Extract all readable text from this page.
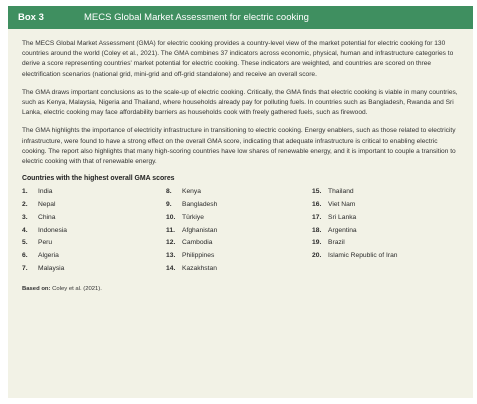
Box 3	MECS Global Market Assessment for electric cooking

The MECS Global Market Assessment (GMA) for electric cooking provides a country-level view of the market potential for electric cooking for 130 countries around the world (Coley et al., 2021). The GMA combines 37 indicators across economic, physical, human and infrastructure categories to derive a score representing countries' market potential for electric cooking. These indicators are weighted, and countries are scored on three electrification scenarios (national grid, mini-grid and off-grid standalone) and receive an overall score.

The GMA draws important conclusions as to the scale-up of electric cooking. Critically, the GMA finds that electric cooking is viable in many countries, such as Kenya, Malaysia, Nigeria and Thailand, where households already pay for polluting fuels. In countries such as Bangladesh, Rwanda and Sri Lanka, electric cooking may face affordability barriers as households cook with freely gathered fuels, such as firewood.

The GMA highlights the importance of electricity infrastructure in transitioning to electric cooking. Energy enablers, such as those related to electricity infrastructure, were found to have a strong effect on the overall GMA score, indicating that adequate infrastructure is critical to enabling electric cooking. The report also highlights that many high-scoring countries have low shares of renewable energy, and it is important to couple a transition to electric cooking with that of renewable energy.

Countries with the highest overall GMA scores
1.	India
2.	Nepal
3.	China
4.	Indonesia
5.	Peru
6.	Algeria
7.	Malaysia
8.	Kenya
9.	Bangladesh
10.	Türkiye
11.	Afghanistan
12.	Cambodia
13.	Philippines
14.	Kazakhstan
15.	Thailand
16.	Viet Nam
17.	Sri Lanka
18.	Argentina
19.	Brazil
20.	Islamic Republic of Iran
Based on: Coley et al. (2021).
